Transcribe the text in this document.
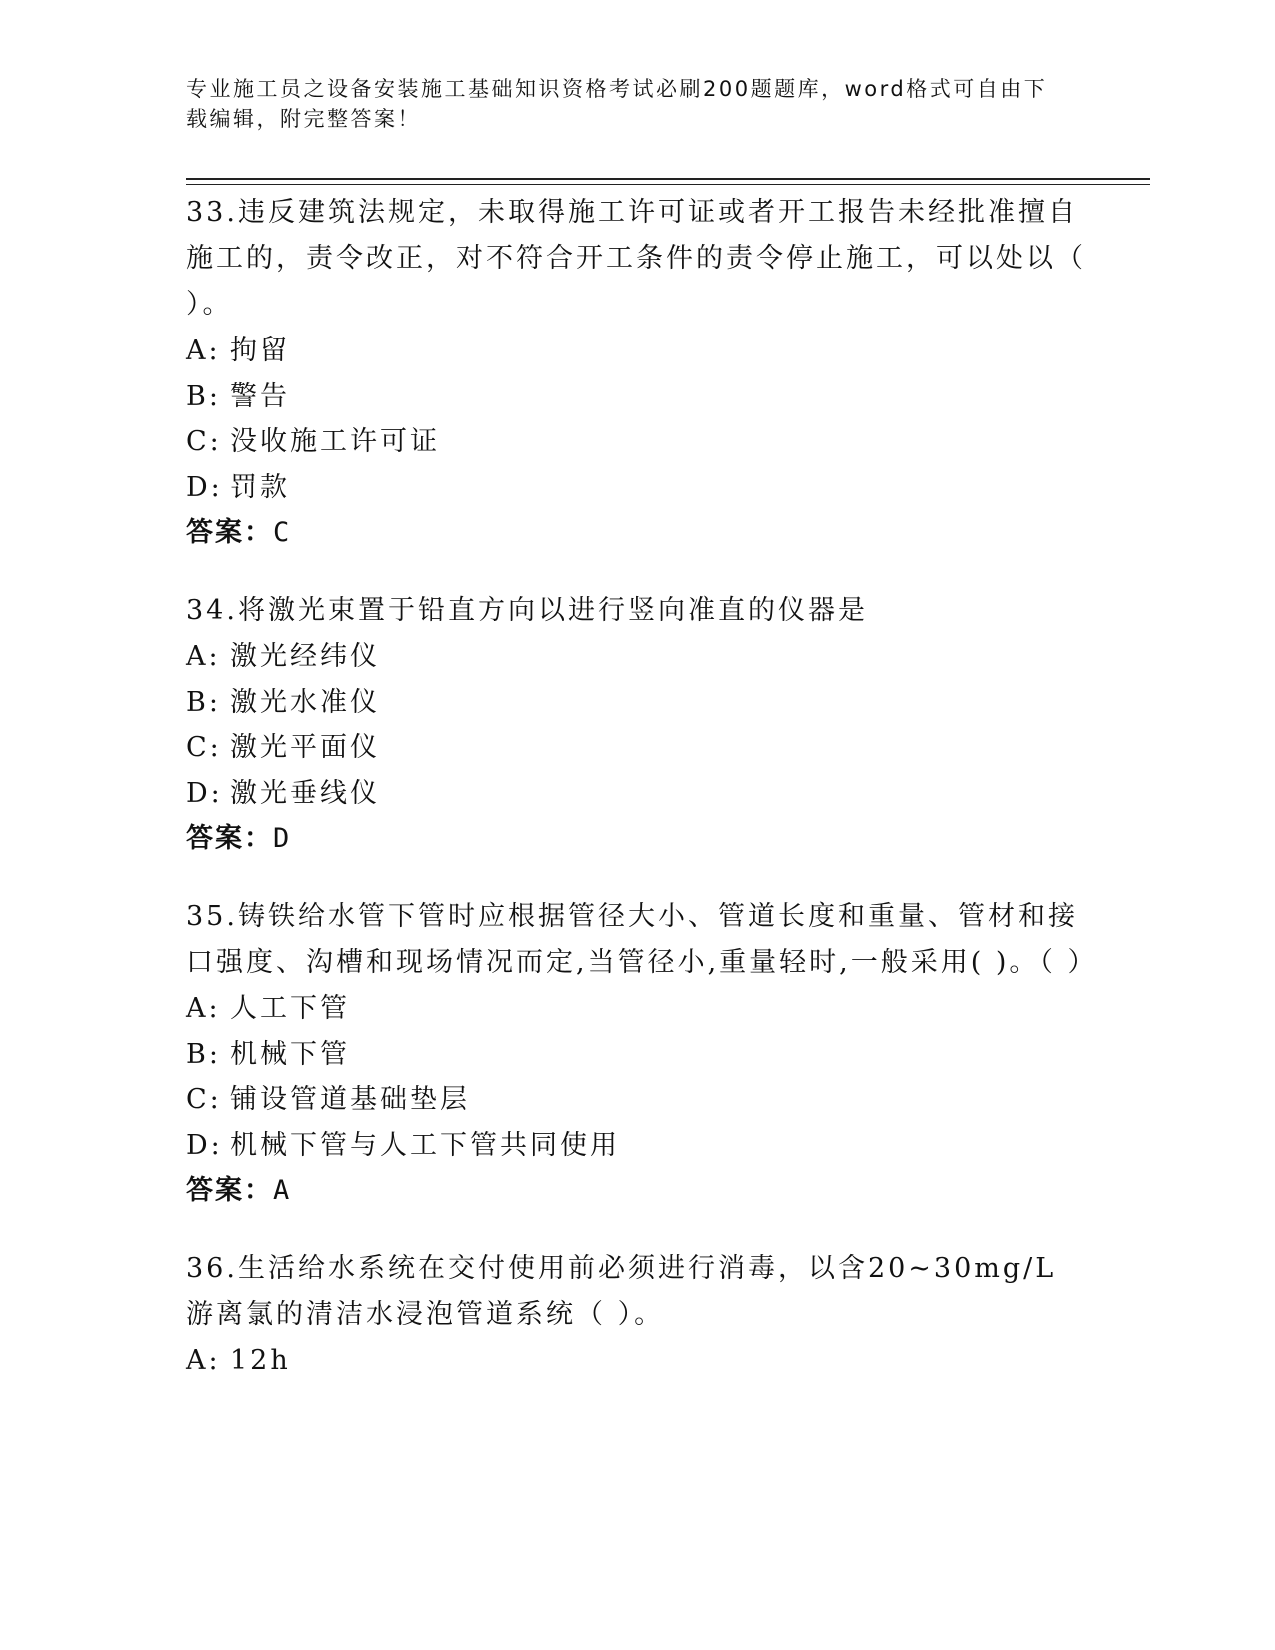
专业施工员之设备安装施工基础知识资格考试必刷200题题库，word格式可自由下载编辑，附完整答案！
33.违反建筑法规定，未取得施工许可证或者开工报告未经批准擅自施工的，责令改正，对不符合开工条件的责令停止施工，可以处以（ ）。
A: 拘留
B: 警告
C: 没收施工许可证
D: 罚款
答案：C
34.将激光束置于铅直方向以进行竖向准直的仪器是
A: 激光经纬仪
B: 激光水准仪
C: 激光平面仪
D: 激光垂线仪
答案：D
35.铸铁给水管下管时应根据管径大小、管道长度和重量、管材和接口强度、沟槽和现场情况而定,当管径小,重量轻时,一般采用( )。（ ）
A: 人工下管
B: 机械下管
C: 铺设管道基础垫层
D: 机械下管与人工下管共同使用
答案：A
36.生活给水系统在交付使用前必须进行消毒，以含20~30mg/L游离氯的清洁水浸泡管道系统（ ）。
A: 12h
